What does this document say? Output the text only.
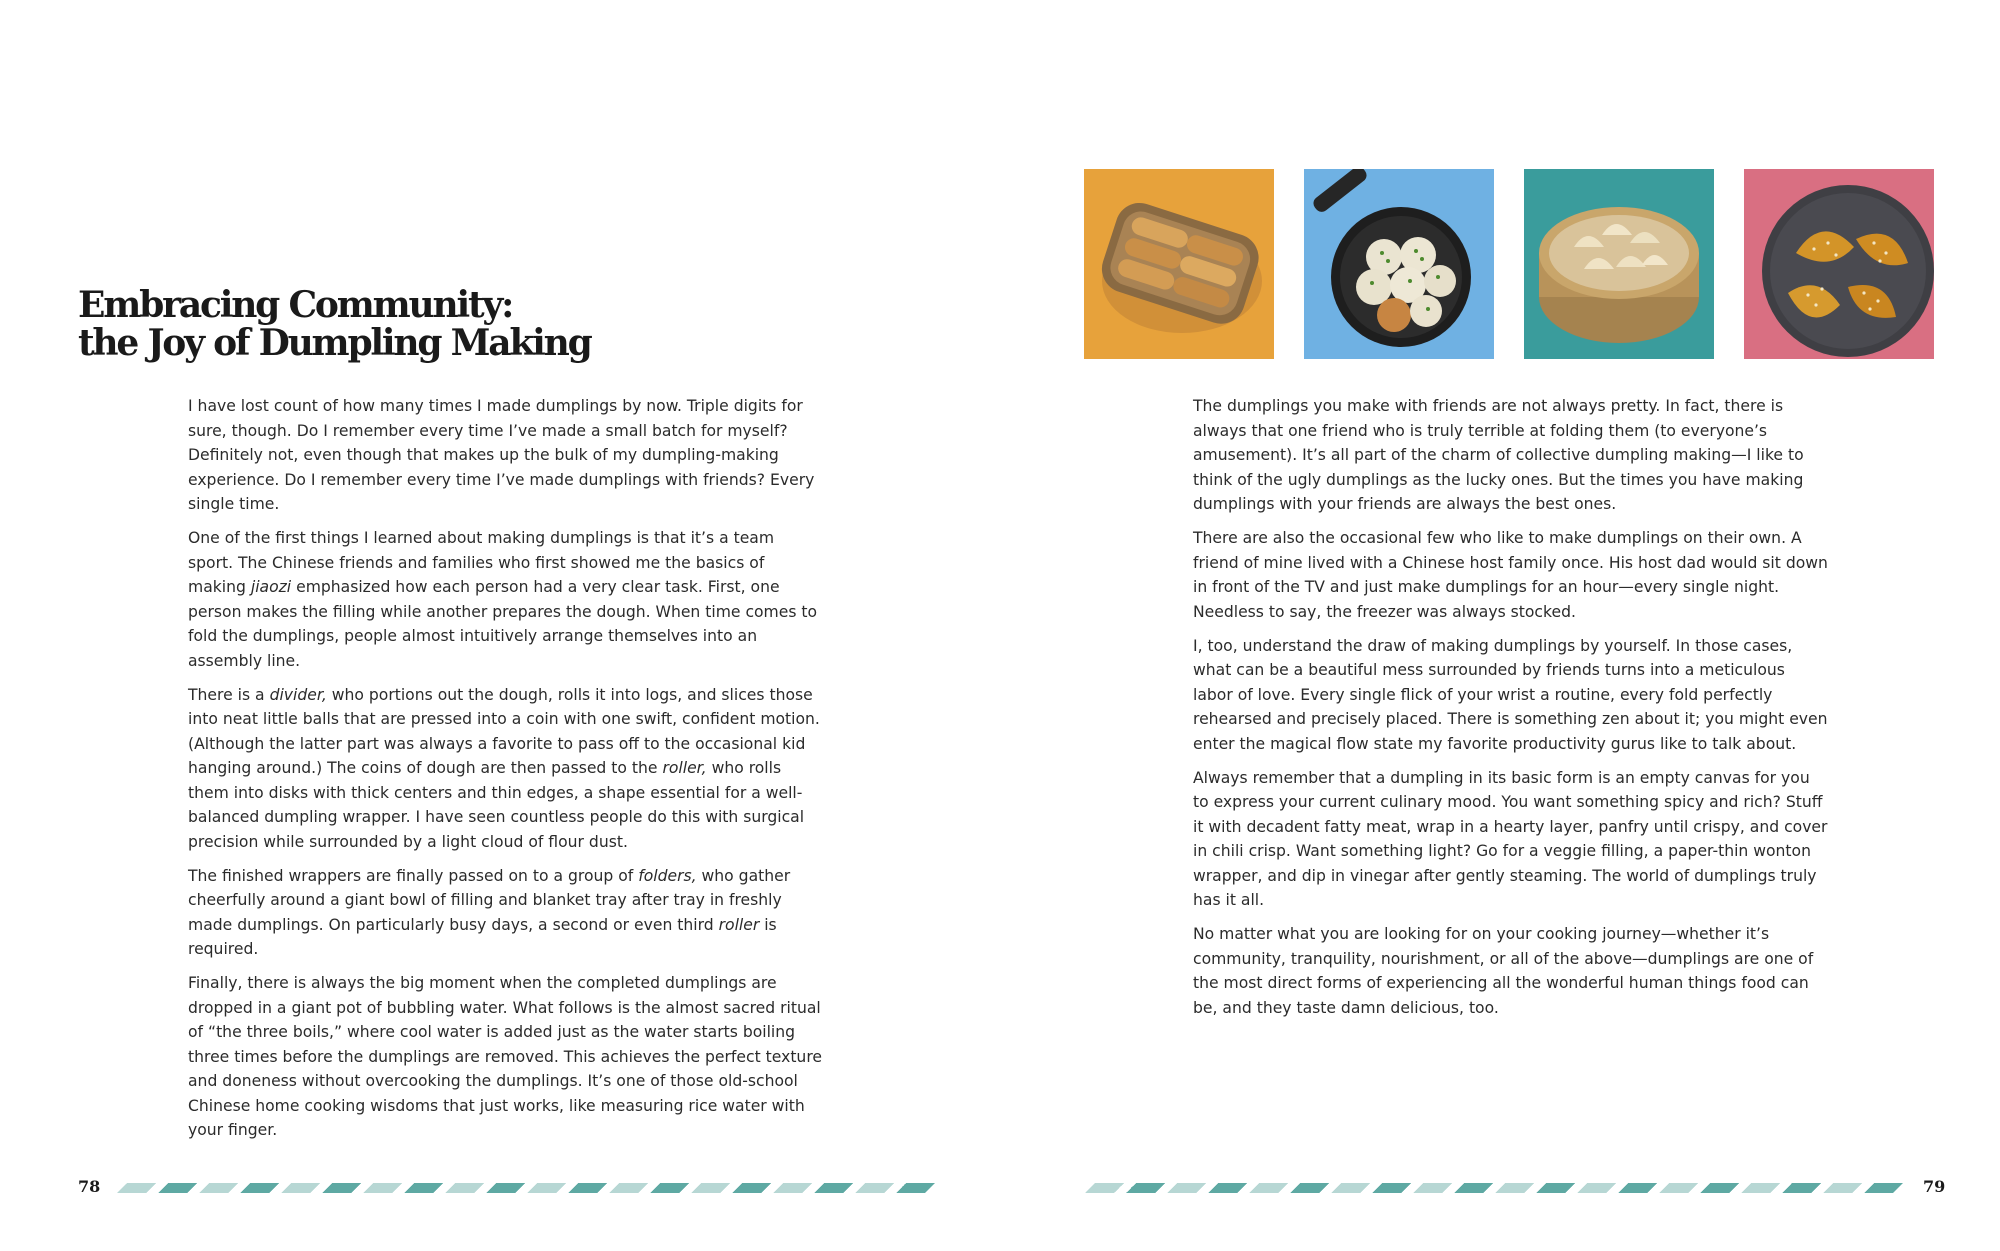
Embracing Community:
the Joy of Dumpling Making

I have lost count of how many times I made dumplings by now. Triple digits for sure, though. Do I remember every time I’ve made a small batch for myself? Definitely not, even though that makes up the bulk of my dumpling-making experience. Do I remember every time I’ve made dumplings with friends? Every single time.

One of the first things I learned about making dumplings is that it’s a team sport. The Chinese friends and families who first showed me the basics of making jiaozi emphasized how each person had a very clear task. First, one person makes the filling while another prepares the dough. When time comes to fold the dumplings, people almost intuitively arrange themselves into an assembly line.

There is a divider, who portions out the dough, rolls it into logs, and slices those into neat little balls that are pressed into a coin with one swift, confident motion. (Although the latter part was always a favorite to pass off to the occasional kid hanging around.) The coins of dough are then passed to the roller, who rolls them into disks with thick centers and thin edges, a shape essential for a well-balanced dumpling wrapper. I have seen countless people do this with surgical precision while surrounded by a light cloud of flour dust.

The finished wrappers are finally passed on to a group of folders, who gather cheerfully around a giant bowl of filling and blanket tray after tray in freshly made dumplings. On particularly busy days, a second or even third roller is required.

Finally, there is always the big moment when the completed dumplings are dropped in a giant pot of bubbling water. What follows is the almost sacred ritual of “the three boils,” where cool water is added just as the water starts boiling three times before the dumplings are removed. This achieves the perfect texture and doneness without overcooking the dumplings. It’s one of those old-school Chinese home cooking wisdoms that just works, like measuring rice water with your finger.

78

The dumplings you make with friends are not always pretty. In fact, there is always that one friend who is truly terrible at folding them (to everyone’s amusement). It’s all part of the charm of collective dumpling making—I like to think of the ugly dumplings as the lucky ones. But the times you have making dumplings with your friends are always the best ones.

There are also the occasional few who like to make dumplings on their own. A friend of mine lived with a Chinese host family once. His host dad would sit down in front of the TV and just make dumplings for an hour—every single night. Needless to say, the freezer was always stocked.

I, too, understand the draw of making dumplings by yourself. In those cases, what can be a beautiful mess surrounded by friends turns into a meticulous labor of love. Every single flick of your wrist a routine, every fold perfectly rehearsed and precisely placed. There is something zen about it; you might even enter the magical flow state my favorite productivity gurus like to talk about.

Always remember that a dumpling in its basic form is an empty canvas for you to express your current culinary mood. You want something spicy and rich? Stuff it with decadent fatty meat, wrap in a hearty layer, panfry until crispy, and cover in chili crisp. Want something light? Go for a veggie filling, a paper-thin wonton wrapper, and dip in vinegar after gently steaming. The world of dumplings truly has it all.

No matter what you are looking for on your cooking journey—whether it’s community, tranquility, nourishment, or all of the above—dumplings are one of the most direct forms of experiencing all the wonderful human things food can be, and they taste damn delicious, too.

79
